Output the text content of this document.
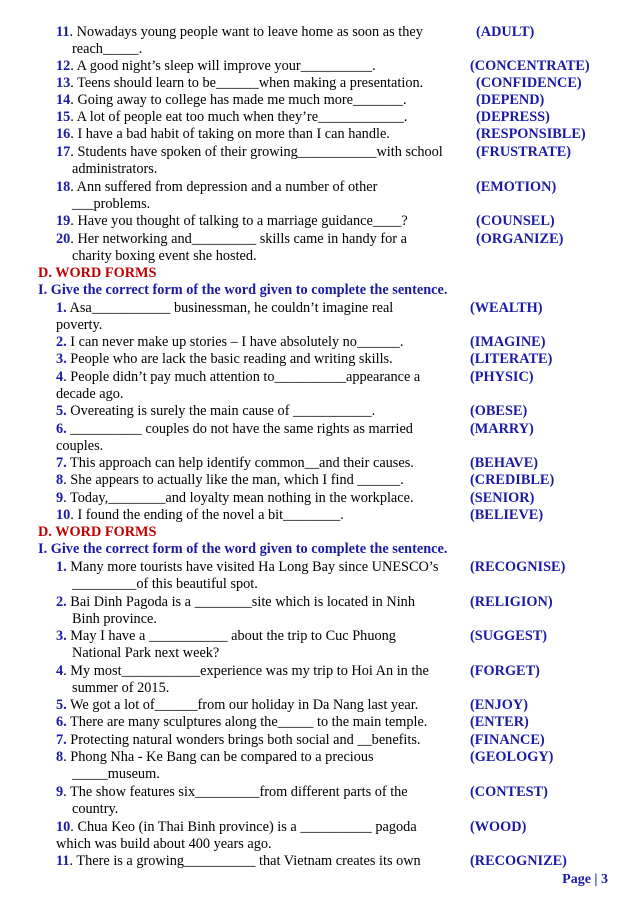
11. Nowadays young people want to leave home as soon as they	(ADULT)
reach_____.
12. A good night’s sleep will improve your__________.	(CONCENTRATE)
13. Teens should learn to be______when making a presentation.	(CONFIDENCE)
14. Going away to college has made me much more_______.	(DEPEND)
15. A lot of people eat too much when they’re____________.	(DEPRESS)
16. I have a bad habit of taking on more than I can handle.	(RESPONSIBLE)
17. Students have spoken of their growing___________with school (FRUSTRATE)
administrators.
18. Ann suffered from depression and a number of other	(EMOTION)
___problems.
19. Have you thought of talking to a marriage guidance____?	(COUNSEL)
20. Her networking and_________ skills came in handy for a	(ORGANIZE)
charity boxing event she hosted.
D. WORD FORMS
I. Give the correct form of the word given to complete the sentence.
1. Asa___________ businessman, he couldn’t imagine real	(WEALTH)
poverty.
2. I can never make up stories – I have absolutely no______.	(IMAGINE)
3. People who are lack the basic reading and writing skills.	(LITERATE)
4. People didn’t pay much attention to__________appearance a	(PHYSIC)
decade ago.
5. Overeating is surely the main cause of ___________.	(OBESE)
6. __________ couples do not have the same rights as married	(MARRY)
couples.
7. This approach can help identify common__and their causes.	(BEHAVE)
8. She appears to actually like the man, which I find ______.	(CREDIBLE)
9. Today,________and loyalty mean nothing in the workplace.	(SENIOR)
10. I found the ending of the novel a bit________.	(BELIEVE)
D. WORD FORMS
I. Give the correct form of the word given to complete the sentence.
1. Many more tourists have visited Ha Long Bay since UNESCO’s (RECOGNISE)
_________of this beautiful spot.
2. Bai Dinh Pagoda is a ________site which is located in Ninh	(RELIGION)
Binh province.
3. May I have a ___________ about the trip to Cuc Phuong	(SUGGEST)
National Park next week?
4. My most___________experience was my trip to Hoi An in the	(FORGET)
summer of 2015.
5. We got a lot of______from our holiday in Da Nang last year.	(ENJOY)
6. There are many sculptures along the_____ to the main temple.	(ENTER)
7. Protecting natural wonders brings both social and __benefits.	(FINANCE)
8. Phong Nha - Ke Bang can be compared to a precious	(GEOLOGY)
_____museum.
9. The show features six_________from different parts of the	(CONTEST)
country.
10. Chua Keo (in Thai Binh province) is a __________ pagoda	(WOOD)
which was build about 400 years ago.
11. There is a growing__________ that Vietnam creates its own	(RECOGNIZE)
Page | 3
